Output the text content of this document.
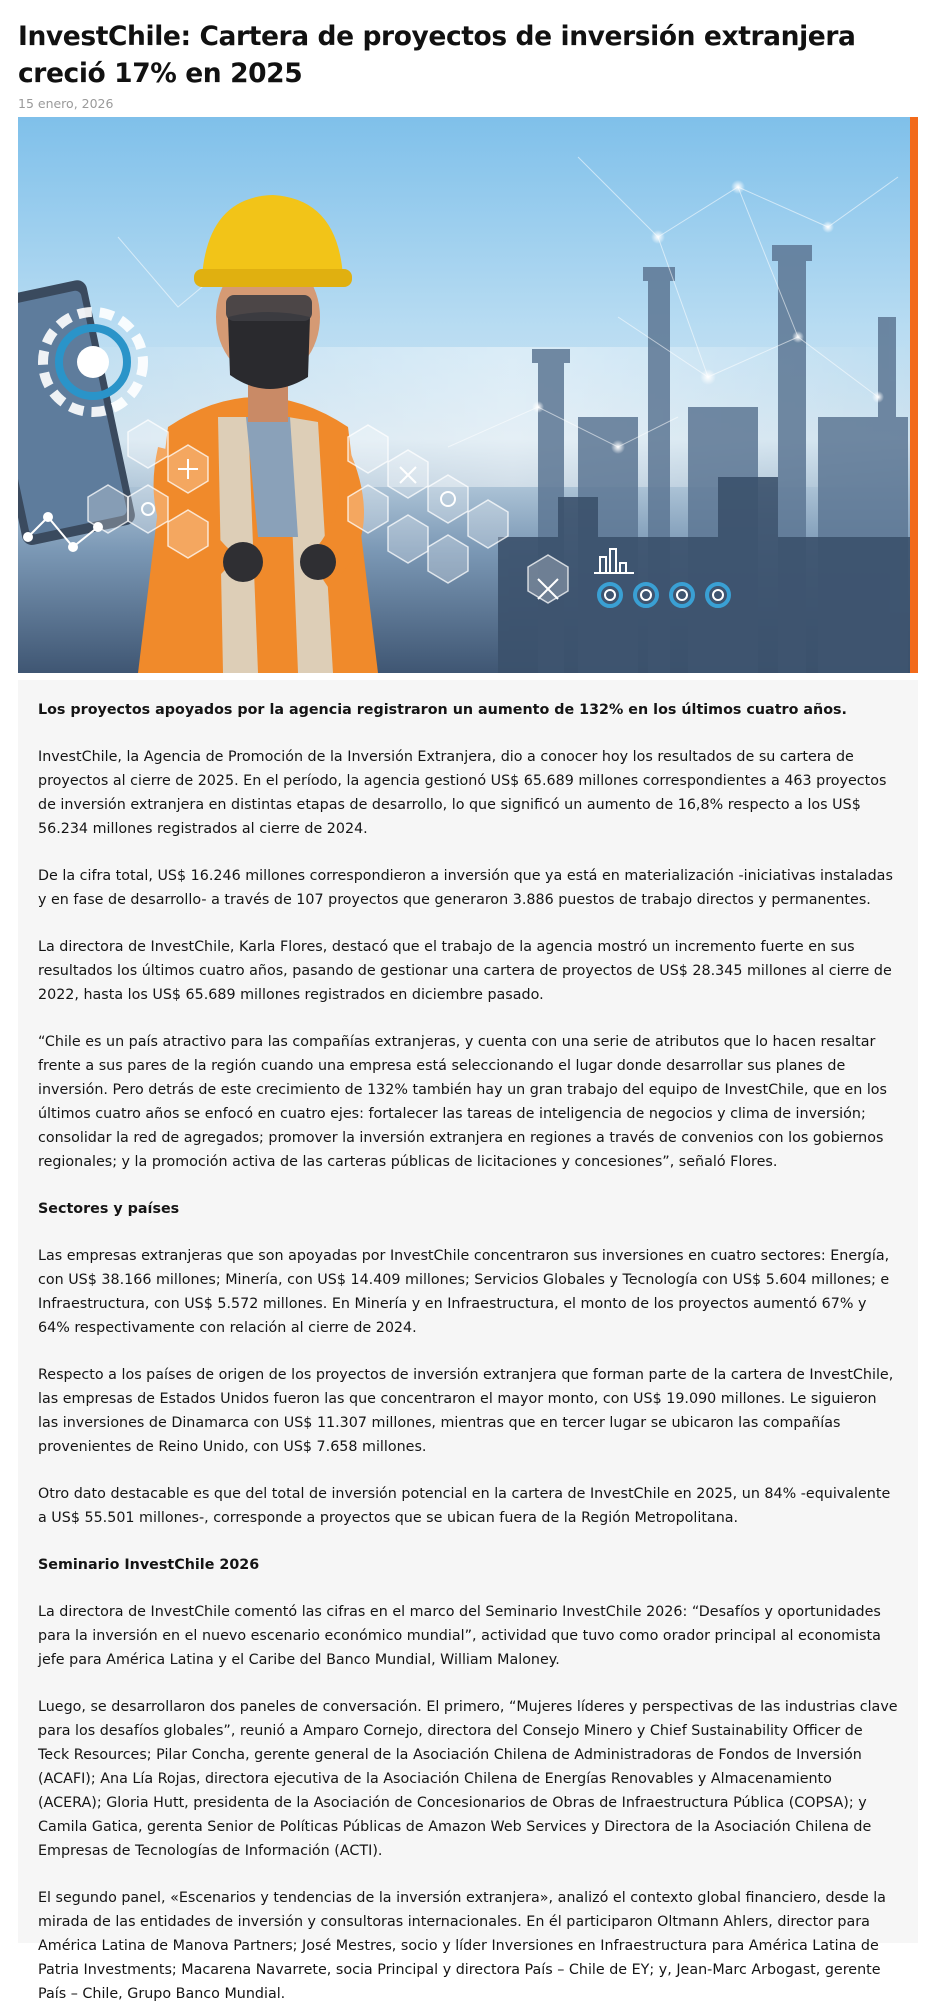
InvestChile: Cartera de proyectos de inversión extranjera creció 17% en 2025
15 enero, 2026

Los proyectos apoyados por la agencia registraron un aumento de 132% en los últimos cuatro años.

InvestChile, la Agencia de Promoción de la Inversión Extranjera, dio a conocer hoy los resultados de su cartera de proyectos al cierre de 2025. En el período, la agencia gestionó US$ 65.689 millones correspondientes a 463 proyectos de inversión extranjera en distintas etapas de desarrollo, lo que significó un aumento de 16,8% respecto a los US$ 56.234 millones registrados al cierre de 2024.

De la cifra total, US$ 16.246 millones correspondieron a inversión que ya está en materialización -iniciativas instaladas y en fase de desarrollo- a través de 107 proyectos que generaron 3.886 puestos de trabajo directos y permanentes.

La directora de InvestChile, Karla Flores, destacó que el trabajo de la agencia mostró un incremento fuerte en sus resultados los últimos cuatro años, pasando de gestionar una cartera de proyectos de US$ 28.345 millones al cierre de 2022, hasta los US$ 65.689 millones registrados en diciembre pasado.

“Chile es un país atractivo para las compañías extranjeras, y cuenta con una serie de atributos que lo hacen resaltar frente a sus pares de la región cuando una empresa está seleccionando el lugar donde desarrollar sus planes de inversión. Pero detrás de este crecimiento de 132% también hay un gran trabajo del equipo de InvestChile, que en los últimos cuatro años se enfocó en cuatro ejes: fortalecer las tareas de inteligencia de negocios y clima de inversión; consolidar la red de agregados; promover la inversión extranjera en regiones a través de convenios con los gobiernos regionales; y la promoción activa de las carteras públicas de licitaciones y concesiones”, señaló Flores.

Sectores y países

Las empresas extranjeras que son apoyadas por InvestChile concentraron sus inversiones en cuatro sectores: Energía, con US$ 38.166 millones; Minería, con US$ 14.409 millones; Servicios Globales y Tecnología con US$ 5.604 millones; e Infraestructura, con US$ 5.572 millones. En Minería y en Infraestructura, el monto de los proyectos aumentó 67% y 64% respectivamente con relación al cierre de 2024.

Respecto a los países de origen de los proyectos de inversión extranjera que forman parte de la cartera de InvestChile, las empresas de Estados Unidos fueron las que concentraron el mayor monto, con US$ 19.090 millones. Le siguieron las inversiones de Dinamarca con US$ 11.307 millones, mientras que en tercer lugar se ubicaron las compañías provenientes de Reino Unido, con US$ 7.658 millones.

Otro dato destacable es que del total de inversión potencial en la cartera de InvestChile en 2025, un 84% -equivalente a US$ 55.501 millones-, corresponde a proyectos que se ubican fuera de la Región Metropolitana.

Seminario InvestChile 2026

La directora de InvestChile comentó las cifras en el marco del Seminario InvestChile 2026: “Desafíos y oportunidades para la inversión en el nuevo escenario económico mundial”, actividad que tuvo como orador principal al economista jefe para América Latina y el Caribe del Banco Mundial, William Maloney.

Luego, se desarrollaron dos paneles de conversación. El primero, “Mujeres líderes y perspectivas de las industrias clave para los desafíos globales”, reunió a Amparo Cornejo, directora del Consejo Minero y Chief Sustainability Officer de Teck Resources; Pilar Concha, gerente general de la Asociación Chilena de Administradoras de Fondos de Inversión (ACAFI); Ana Lía Rojas, directora ejecutiva de la Asociación Chilena de Energías Renovables y Almacenamiento (ACERA); Gloria Hutt, presidenta de la Asociación de Concesionarios de Obras de Infraestructura Pública (COPSA); y Camila Gatica, gerenta Senior de Políticas Públicas de Amazon Web Services y Directora de la Asociación Chilena de Empresas de Tecnologías de Información (ACTI).

El segundo panel, «Escenarios y tendencias de la inversión extranjera», analizó el contexto global financiero, desde la mirada de las entidades de inversión y consultoras internacionales. En él participaron Oltmann Ahlers, director para América Latina de Manova Partners; José Mestres, socio y líder Inversiones en Infraestructura para América Latina de Patria Investments; Macarena Navarrete, socia Principal y directora País – Chile de EY; y, Jean-Marc Arbogast, gerente País – Chile, Grupo Banco Mundial.
